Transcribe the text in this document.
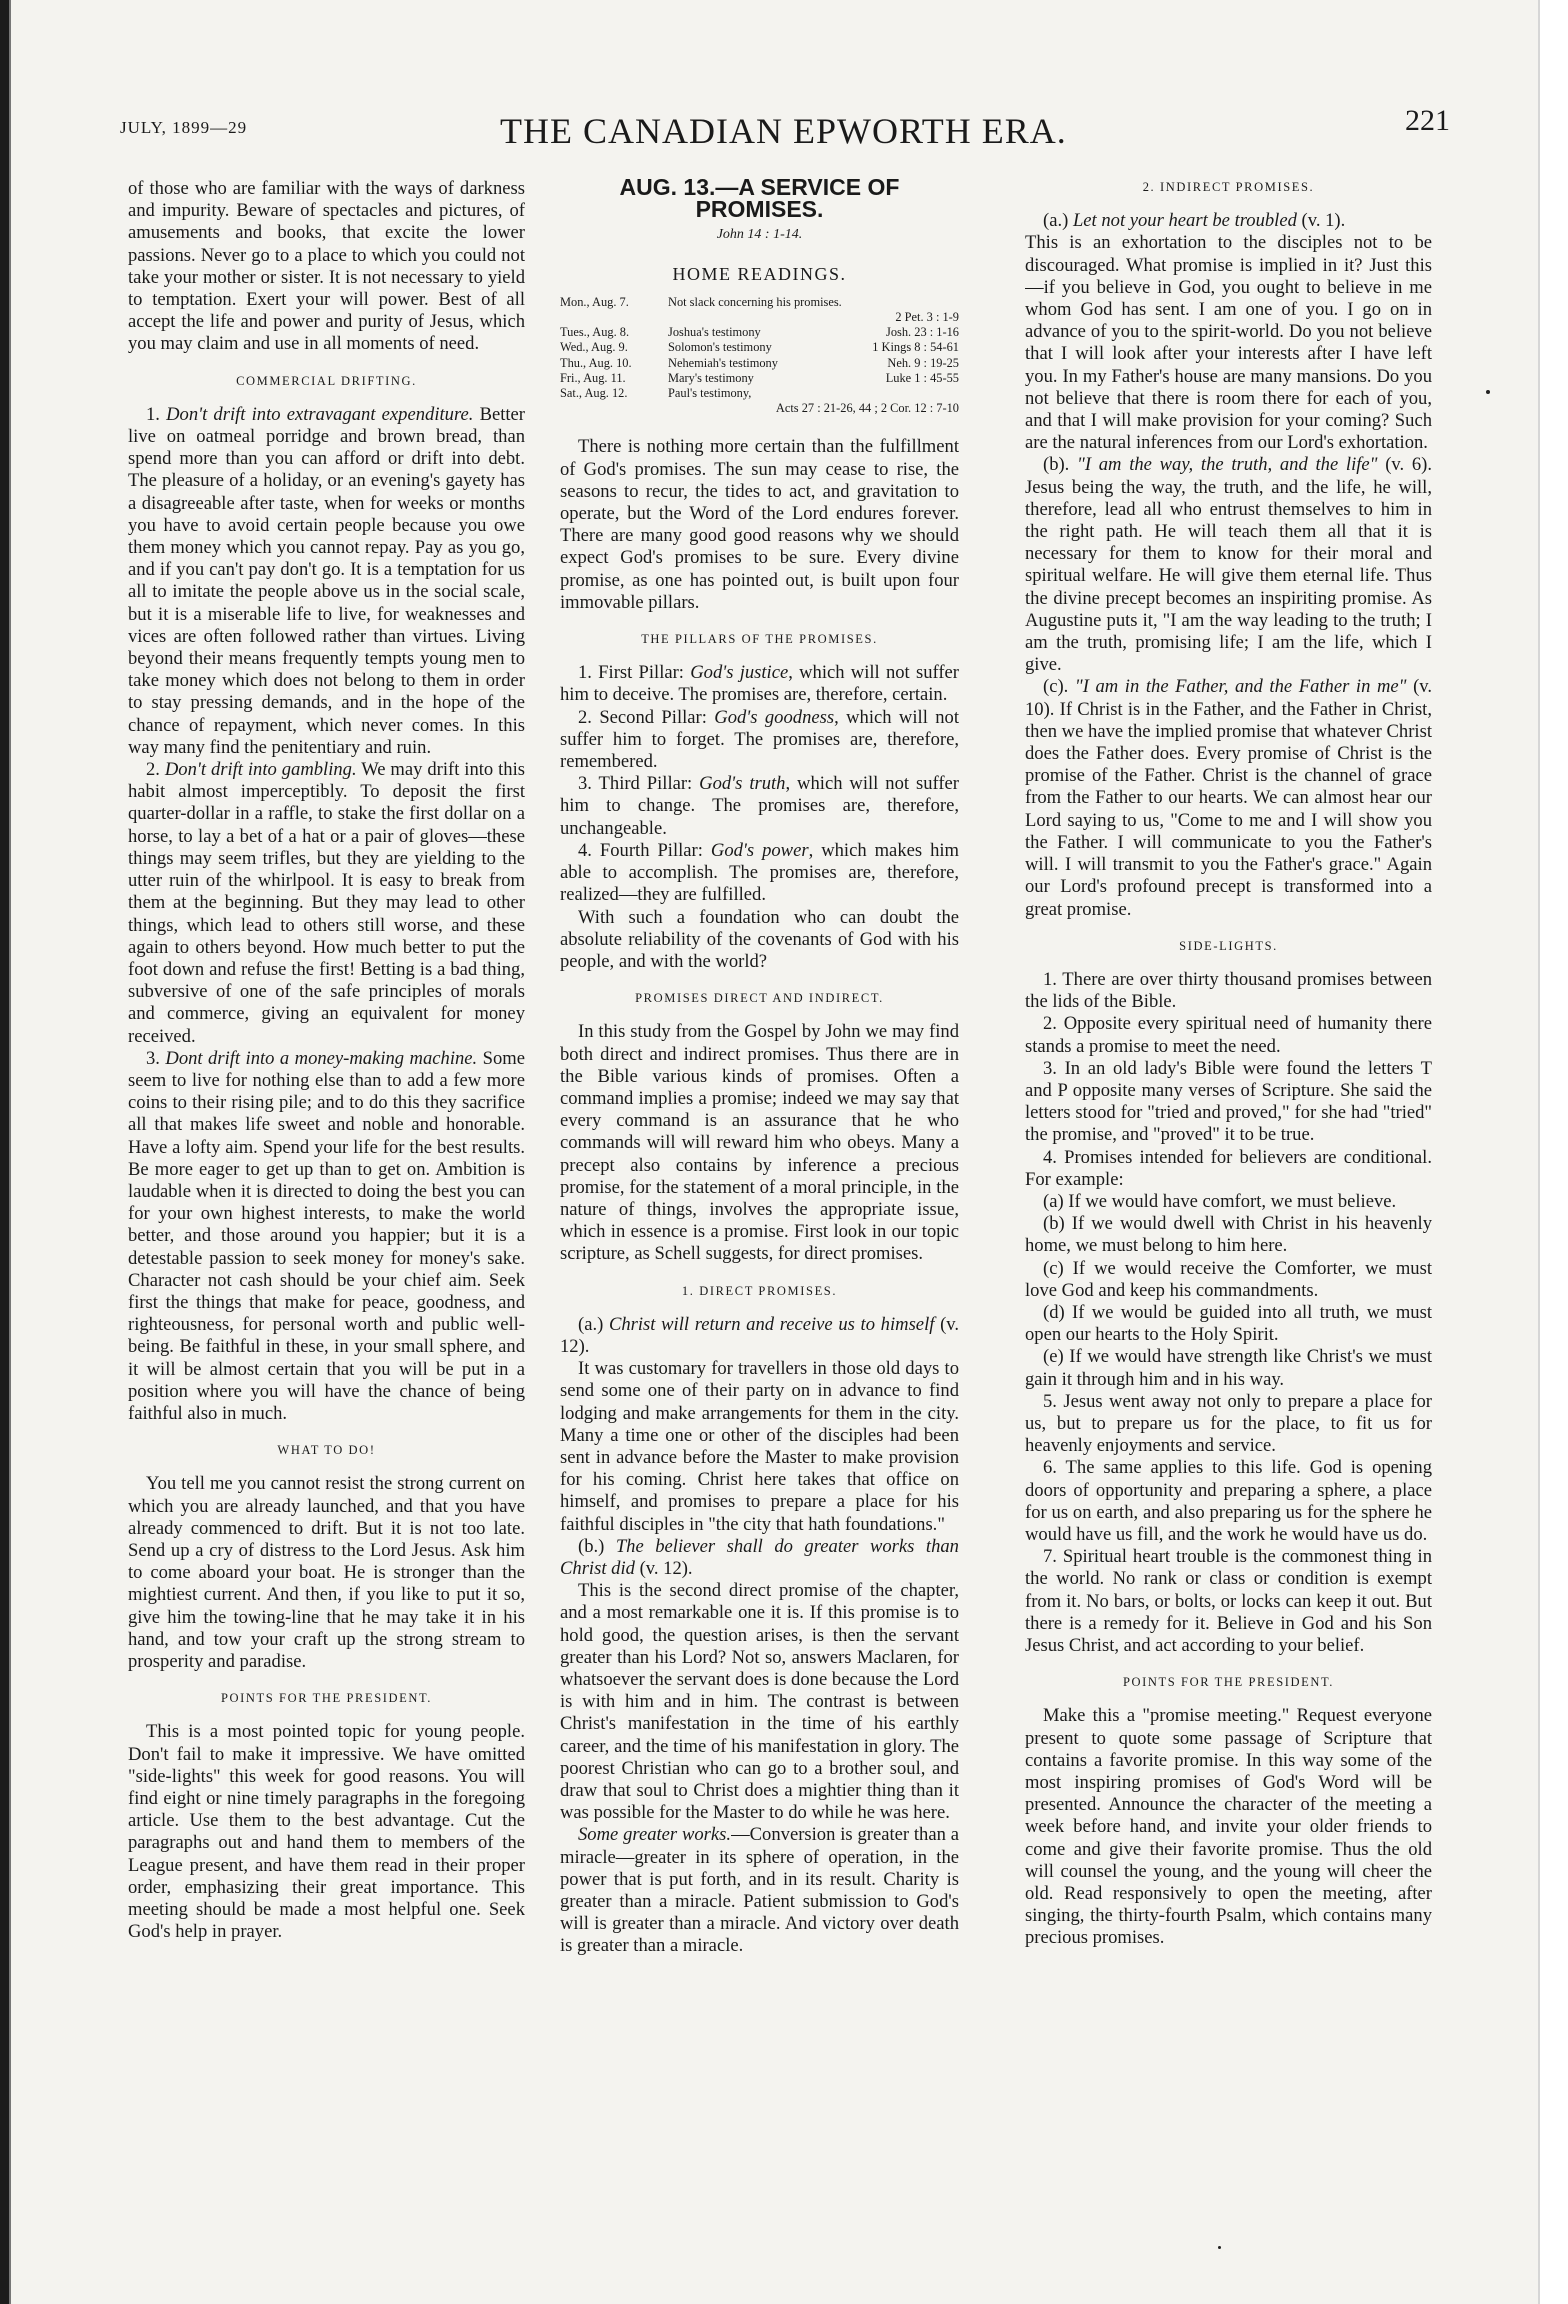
JULY, 1899—29	THE CANADIAN EPWORTH ERA.	221

of those who are familiar with the ways of darkness and impurity. Beware of spectacles and pictures, of amusements and books, that excite the lower passions. Never go to a place to which you could not take your mother or sister. It is not necessary to yield to temptation. Exert your will power. Best of all accept the life and power and purity of Jesus, which you may claim and use in all moments of need.

COMMERCIAL DRIFTING.

1. Don't drift into extravagant expenditure. Better live on oatmeal porridge and brown bread, than spend more than you can afford or drift into debt. The pleasure of a holiday, or an evening's gayety has a disagreeable after taste, when for weeks or months you have to avoid certain people because you owe them money which you cannot repay. Pay as you go, and if you can't pay don't go. It is a temptation for us all to imitate the people above us in the social scale, but it is a miserable life to live, for weaknesses and vices are often followed rather than virtues. Living beyond their means frequently tempts young men to take money which does not belong to them in order to stay pressing demands, and in the hope of the chance of repayment, which never comes. In this way many find the penitentiary and ruin.

2. Don't drift into gambling. We may drift into this habit almost imperceptibly. To deposit the first quarter-dollar in a raffle, to stake the first dollar on a horse, to lay a bet of a hat or a pair of gloves—these things may seem trifles, but they are yielding to the utter ruin of the whirlpool. It is easy to break from them at the beginning. But they may lead to other things, which lead to others still worse, and these again to others beyond. How much better to put the foot down and refuse the first! Betting is a bad thing, subversive of one of the safe principles of morals and commerce, giving an equivalent for money received.

3. Dont drift into a money-making machine. Some seem to live for nothing else than to add a few more coins to their rising pile; and to do this they sacrifice all that makes life sweet and noble and honorable. Have a lofty aim. Spend your life for the best results. Be more eager to get up than to get on. Ambition is laudable when it is directed to doing the best you can for your own highest interests, to make the world better, and those around you happier; but it is a detestable passion to seek money for money's sake. Character not cash should be your chief aim. Seek first the things that make for peace, goodness, and righteousness, for personal worth and public well-being. Be faithful in these, in your small sphere, and it will be almost certain that you will be put in a position where you will have the chance of being faithful also in much.

WHAT TO DO!

You tell me you cannot resist the strong current on which you are already launched, and that you have already commenced to drift. But it is not too late. Send up a cry of distress to the Lord Jesus. Ask him to come aboard your boat. He is stronger than the mightiest current. And then, if you like to put it so, give him the towing-line that he may take it in his hand, and tow your craft up the strong stream to prosperity and paradise.

POINTS FOR THE PRESIDENT.

This is a most pointed topic for young people. Don't fail to make it impressive. We have omitted "side-lights" this week for good reasons. You will find eight or nine timely paragraphs in the foregoing article. Use them to the best advantage. Cut the paragraphs out and hand them to members of the League present, and have them read in their proper order, emphasizing their great importance. This meeting should be made a most helpful one. Seek God's help in prayer.

AUG. 13.—A SERVICE OF PROMISES.
John 14 : 1-14.
HOME READINGS.
Mon., Aug. 7.	Not slack concerning his promises.
2 Pet. 3 : 1-9
Tues., Aug. 8.	Joshua's testimony	Josh. 23 : 1-16
Wed., Aug. 9.	Solomon's testimony	1 Kings 8 : 54-61
Thu., Aug. 10.	Nehemiah's testimony	Neh. 9 : 19-25
Fri., Aug. 11.	Mary's testimony	Luke 1 : 45-55
Sat., Aug. 12.	Paul's testimony,
Acts 27 : 21-26, 44 ; 2 Cor. 12 : 7-10

There is nothing more certain than the fulfillment of God's promises. The sun may cease to rise, the seasons to recur, the tides to act, and gravitation to operate, but the Word of the Lord endures forever. There are many good good reasons why we should expect God's promises to be sure. Every divine promise, as one has pointed out, is built upon four immovable pillars.

THE PILLARS OF THE PROMISES.

1. First Pillar: God's justice, which will not suffer him to deceive. The promises are, therefore, certain.

2. Second Pillar: God's goodness, which will not suffer him to forget. The promises are, therefore, remembered.

3. Third Pillar: God's truth, which will not suffer him to change. The promises are, therefore, unchangeable.

4. Fourth Pillar: God's power, which makes him able to accomplish. The promises are, therefore, realized—they are fulfilled.

With such a foundation who can doubt the absolute reliability of the covenants of God with his people, and with the world?

PROMISES DIRECT AND INDIRECT.

In this study from the Gospel by John we may find both direct and indirect promises. Thus there are in the Bible various kinds of promises. Often a command implies a promise; indeed we may say that every command is an assurance that he who commands will will reward him who obeys. Many a precept also contains by inference a precious promise, for the statement of a moral principle, in the nature of things, involves the appropriate issue, which in essence is a promise. First look in our topic scripture, as Schell suggests, for direct promises.

1. DIRECT PROMISES.

(a.) Christ will return and receive us to himself (v. 12).

It was customary for travellers in those old days to send some one of their party on in advance to find lodging and make arrangements for them in the city. Many a time one or other of the disciples had been sent in advance before the Master to make provision for his coming. Christ here takes that office on himself, and promises to prepare a place for his faithful disciples in "the city that hath foundations."

(b.) The believer shall do greater works than Christ did (v. 12).

This is the second direct promise of the chapter, and a most remarkable one it is. If this promise is to hold good, the question arises, is then the servant greater than his Lord? Not so, answers Maclaren, for whatsoever the servant does is done because the Lord is with him and in him. The contrast is between Christ's manifestation in the time of his earthly career, and the time of his manifestation in glory. The poorest Christian who can go to a brother soul, and draw that soul to Christ does a mightier thing than it was possible for the Master to do while he was here.

Some greater works.—Conversion is greater than a miracle—greater in its sphere of operation, in the power that is put forth, and in its result. Charity is greater than a miracle. Patient submission to God's will is greater than a miracle. And victory over death is greater than a miracle.

2. INDIRECT PROMISES.

(a.) Let not your heart be troubled (v. 1).

This is an exhortation to the disciples not to be discouraged. What promise is implied in it? Just this—if you believe in God, you ought to believe in me whom God has sent. I am one of you. I go on in advance of you to the spirit-world. Do you not believe that I will look after your interests after I have left you. In my Father's house are many mansions. Do you not believe that there is room there for each of you, and that I will make provision for your coming? Such are the natural inferences from our Lord's exhortation.

(b). "I am the way, the truth, and the life" (v. 6). Jesus being the way, the truth, and the life, he will, therefore, lead all who entrust themselves to him in the right path. He will teach them all that it is necessary for them to know for their moral and spiritual welfare. He will give them eternal life. Thus the divine precept becomes an inspiriting promise. As Augustine puts it, "I am the way leading to the truth; I am the truth, promising life; I am the life, which I give.

(c). "I am in the Father, and the Father in me" (v. 10). If Christ is in the Father, and the Father in Christ, then we have the implied promise that whatever Christ does the Father does. Every promise of Christ is the promise of the Father. Christ is the channel of grace from the Father to our hearts. We can almost hear our Lord saying to us, "Come to me and I will show you the Father. I will communicate to you the Father's will. I will transmit to you the Father's grace." Again our Lord's profound precept is transformed into a great promise.

SIDE-LIGHTS.

1. There are over thirty thousand promises between the lids of the Bible.

2. Opposite every spiritual need of humanity there stands a promise to meet the need.

3. In an old lady's Bible were found the letters T and P opposite many verses of Scripture. She said the letters stood for "tried and proved," for she had "tried" the promise, and "proved" it to be true.

4. Promises intended for believers are conditional. For example:

(a) If we would have comfort, we must believe.

(b) If we would dwell with Christ in his heavenly home, we must belong to him here.

(c) If we would receive the Comforter, we must love God and keep his commandments.

(d) If we would be guided into all truth, we must open our hearts to the Holy Spirit.

(e) If we would have strength like Christ's we must gain it through him and in his way.

5. Jesus went away not only to prepare a place for us, but to prepare us for the place, to fit us for heavenly enjoyments and service.

6. The same applies to this life. God is opening doors of opportunity and preparing a sphere, a place for us on earth, and also preparing us for the sphere he would have us fill, and the work he would have us do.

7. Spiritual heart trouble is the commonest thing in the world. No rank or class or condition is exempt from it. No bars, or bolts, or locks can keep it out. But there is a remedy for it. Believe in God and his Son Jesus Christ, and act according to your belief.

POINTS FOR THE PRESIDENT.

Make this a "promise meeting." Request everyone present to quote some passage of Scripture that contains a favorite promise. In this way some of the most inspiring promises of God's Word will be presented. Announce the character of the meeting a week before hand, and invite your older friends to come and give their favorite promise. Thus the old will counsel the young, and the young will cheer the old. Read responsively to open the meeting, after singing, the thirty-fourth Psalm, which contains many precious promises.
